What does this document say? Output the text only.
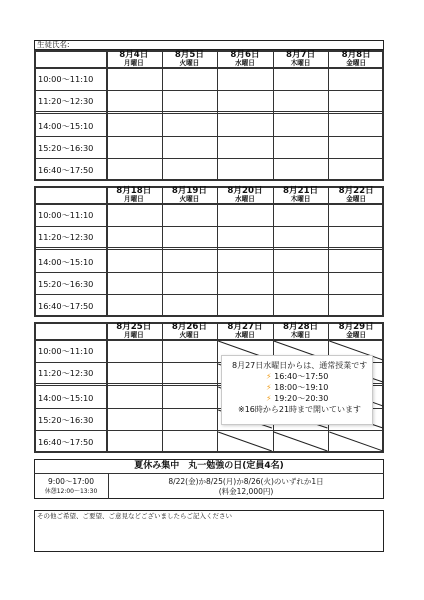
生徒氏名:
8月4日
月曜日
8月5日
火曜日
8月6日
水曜日
8月7日
木曜日
8月8日
金曜日
10:00～11:10
11:20～12:30
14:00～15:10
15:20～16:30
16:40～17:50
8月18日
月曜日
8月19日
火曜日
8月20日
水曜日
8月21日
木曜日
8月22日
金曜日
10:00～11:10
11:20～12:30
14:00～15:10
15:20～16:30
16:40～17:50
8月25日
月曜日
8月26日
火曜日
8月27日
水曜日
8月28日
木曜日
8月29日
金曜日
10:00～11:10
11:20～12:30
14:00～15:10
15:20～16:30
16:40～17:50
8月27日水曜日からは、通常授業です
⚡ 16:40～17:50
⚡ 18:00～19:10
⚡ 19:20～20:30
※16時から21時まで開いています
夏休み集中　丸一勉強の日(定員4名)
9:00～17:00
休憩12:00～13:30
8/22(金)か8/25(月)か8/26(火)のいずれか1日
(料金12,000円)
その他ご希望、ご要望、ご意見などございましたらご記入ください
